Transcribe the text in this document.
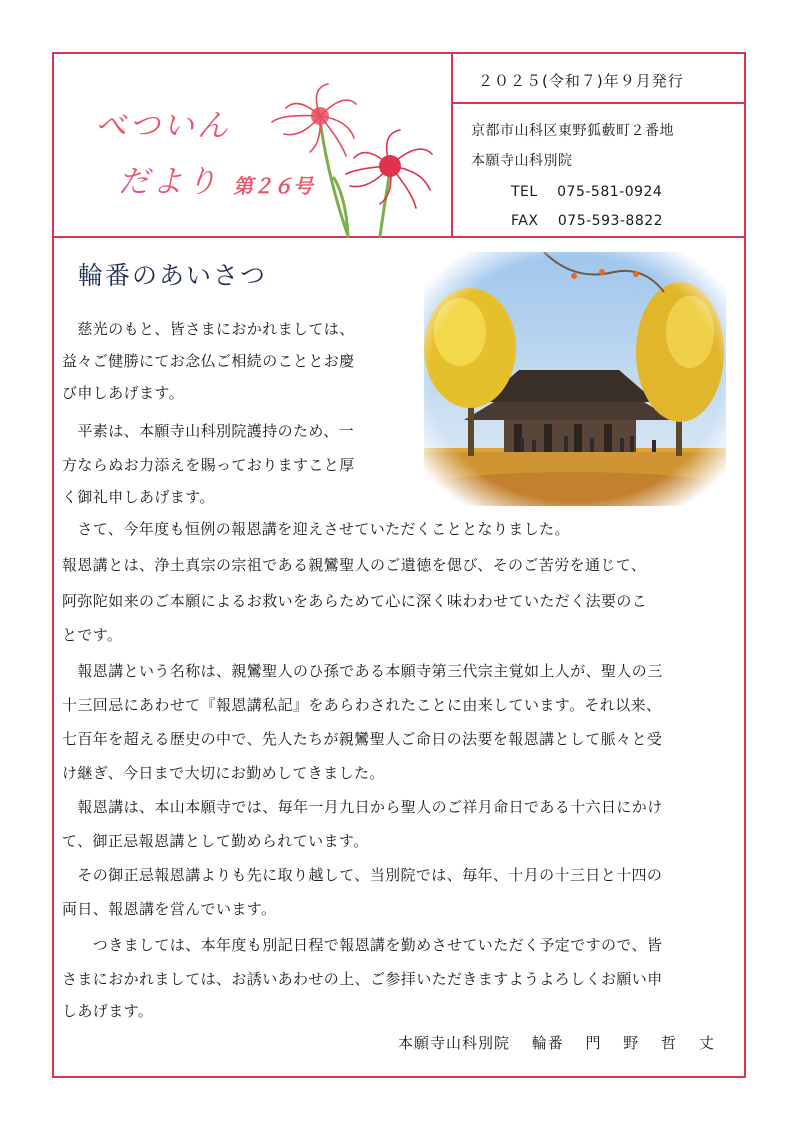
べついん
だより 第２６号
２０２５(令和７)年９月発行
京都市山科区東野狐藪町２番地
本願寺山科別院
TEL　 075-581-0924
FAX　 075-593-8822
輪番のあいさつ
　慈光のもと、皆さまにおかれましては、
益々ご健勝にてお念仏ご相続のこととお慶
び申しあげます。
　平素は、本願寺山科別院護持のため、一
方ならぬお力添えを賜っておりますこと厚
く御礼申しあげます。
　さて、今年度も恒例の報恩講を迎えさせていただくこととなりました。
報恩講とは、浄土真宗の宗祖である親鸞聖人のご遺徳を偲び、そのご苦労を通じて、
阿弥陀如来のご本願によるお救いをあらためて心に深く味わわせていただく法要のこ
とです。
　報恩講という名称は、親鸞聖人のひ孫である本願寺第三代宗主覚如上人が、聖人の三
十三回忌にあわせて『報恩講私記』をあらわされたことに由来しています。それ以来、
七百年を超える歴史の中で、先人たちが親鸞聖人ご命日の法要を報恩講として脈々と受
け継ぎ、今日まで大切にお勤めしてきました。
　報恩講は、本山本願寺では、毎年一月九日から聖人のご祥月命日である十六日にかけ
て、御正忌報恩講として勤められています。
　その御正忌報恩講よりも先に取り越して、当別院では、毎年、十月の十三日と十四の
両日、報恩講を営んでいます。
　　つきましては、本年度も別記日程で報恩講を勤めさせていただく予定ですので、皆
さまにおかれましては、お誘いあわせの上、ご参拝いただきますようよろしくお願い申
しあげます。
本願寺山科別院　 輪番　 門　 野　 哲　 丈
